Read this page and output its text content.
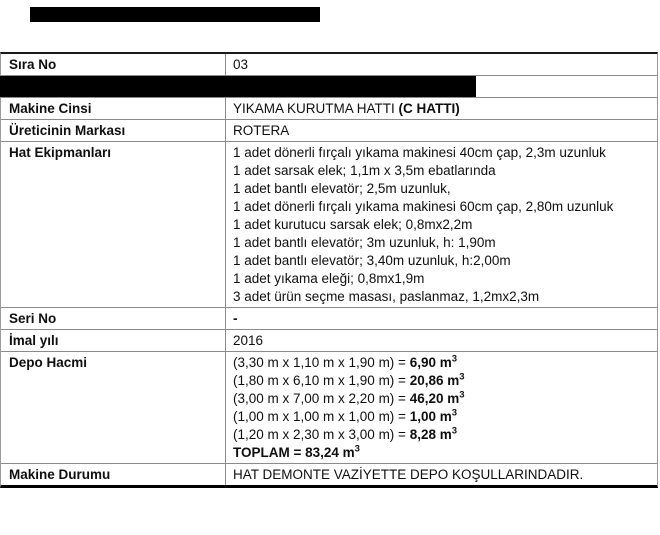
Sıra No	03
Makine Cinsi	YIKAMA KURUTMA HATTI (C HATTI)
Üreticinin Markası	ROTERA
Hat Ekipmanları	1 adet dönerli fırçalı yıkama makinesi 40cm çap, 2,3m uzunluk
1 adet sarsak elek; 1,1m x 3,5m ebatlarında
1 adet bantlı elevatör; 2,5m uzunluk,
1 adet dönerli fırçalı yıkama makinesi 60cm çap, 2,80m uzunluk
1 adet kurutucu sarsak elek; 0,8mx2,2m
1 adet bantlı elevatör; 3m uzunluk, h: 1,90m
1 adet bantlı elevatör; 3,40m uzunluk, h:2,00m
1 adet yıkama eleği; 0,8mx1,9m
3 adet ürün seçme masası, paslanmaz, 1,2mx2,3m
Seri No	-
İmal yılı	2016
Depo Hacmi	(3,30 m x 1,10 m x 1,90 m) = 6,90 $m^3$
(1,80 m x 6,10 m x 1,90 m) = 20,86 $m^3$
(3,00 m x 7,00 m x 2,20 m) = 46,20 $m^3$
(1,00 m x 1,00 m x 1,00 m) = 1,00 $m^3$
(1,20 m x 2,30 m x 3,00 m) = 8,28 $m^3$
TOPLAM = 83,24 $m^3$
Makine Durumu	HAT DEMONTE VAZİYETTE DEPO KOŞULLARINDADIR.
